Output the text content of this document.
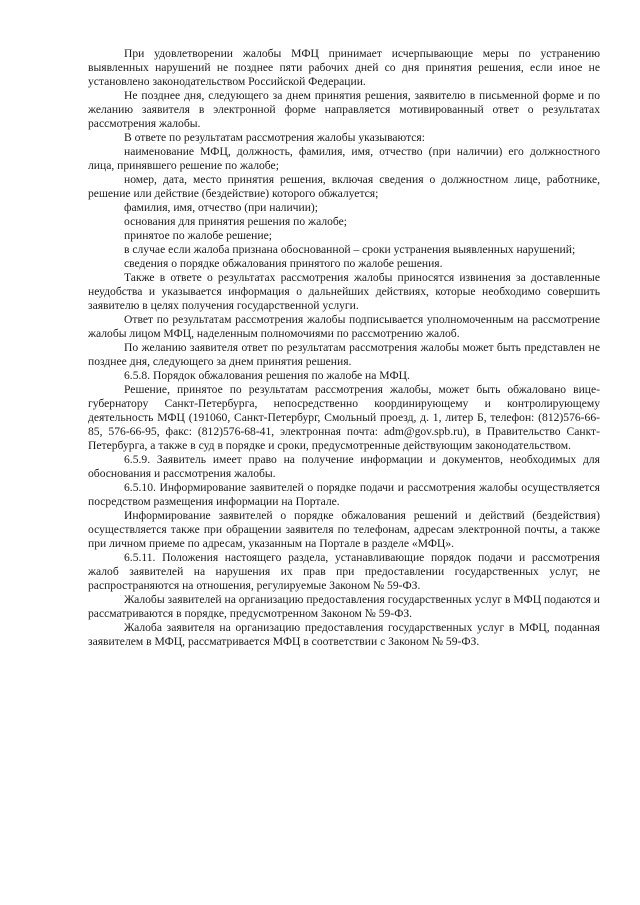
При удовлетворении жалобы МФЦ принимает исчерпывающие меры по устранению выявленных нарушений не позднее пяти рабочих дней со дня принятия решения, если иное не установлено законодательством Российской Федерации.

Не позднее дня, следующего за днем принятия решения, заявителю в письменной форме и по желанию заявителя в электронной форме направляется мотивированный ответ о результатах рассмотрения жалобы.

В ответе по результатам рассмотрения жалобы указываются:

наименование МФЦ, должность, фамилия, имя, отчество (при наличии) его должностного лица, принявшего решение по жалобе;

номер, дата, место принятия решения, включая сведения о должностном лице, работнике, решение или действие (бездействие) которого обжалуется;

фамилия, имя, отчество (при наличии);

основания для принятия решения по жалобе;

принятое по жалобе решение;

в случае если жалоба признана обоснованной – сроки устранения выявленных нарушений;

сведения о порядке обжалования принятого по жалобе решения.

Также в ответе о результатах рассмотрения жалобы приносятся извинения за доставленные неудобства и указывается информация о дальнейших действиях, которые необходимо совершить заявителю в целях получения государственной услуги.

Ответ по результатам рассмотрения жалобы подписывается уполномоченным на рассмотрение жалобы лицом МФЦ, наделенным полномочиями по рассмотрению жалоб.

По желанию заявителя ответ по результатам рассмотрения жалобы может быть представлен не позднее дня, следующего за днем принятия решения.

6.5.8. Порядок обжалования решения по жалобе на МФЦ.

Решение, принятое по результатам рассмотрения жалобы, может быть обжаловано вице-губернатору Санкт-Петербурга, непосредственно координирующему и контролирующему деятельность МФЦ (191060, Санкт-Петербург, Смольный проезд, д. 1, литер Б, телефон: (812)576-66-85, 576-66-95, факс: (812)576-68-41, электронная почта: adm@gov.spb.ru), в Правительство Санкт-Петербурга, а также в суд в порядке и сроки, предусмотренные действующим законодательством.

6.5.9. Заявитель имеет право на получение информации и документов, необходимых для обоснования и рассмотрения жалобы.

6.5.10. Информирование заявителей о порядке подачи и рассмотрения жалобы осуществляется посредством размещения информации на Портале.

Информирование заявителей о порядке обжалования решений и действий (бездействия) осуществляется также при обращении заявителя по телефонам, адресам электронной почты, а также при личном приеме по адресам, указанным на Портале в разделе «МФЦ».

6.5.11. Положения настоящего раздела, устанавливающие порядок подачи и рассмотрения жалоб заявителей на нарушения их прав при предоставлении государственных услуг, не распространяются на отношения, регулируемые Законом № 59-ФЗ.

Жалобы заявителей на организацию предоставления государственных услуг в МФЦ подаются и рассматриваются в порядке, предусмотренном Законом № 59-ФЗ.

Жалоба заявителя на организацию предоставления государственных услуг в МФЦ, поданная заявителем в МФЦ, рассматривается МФЦ в соответствии с Законом № 59-ФЗ.
